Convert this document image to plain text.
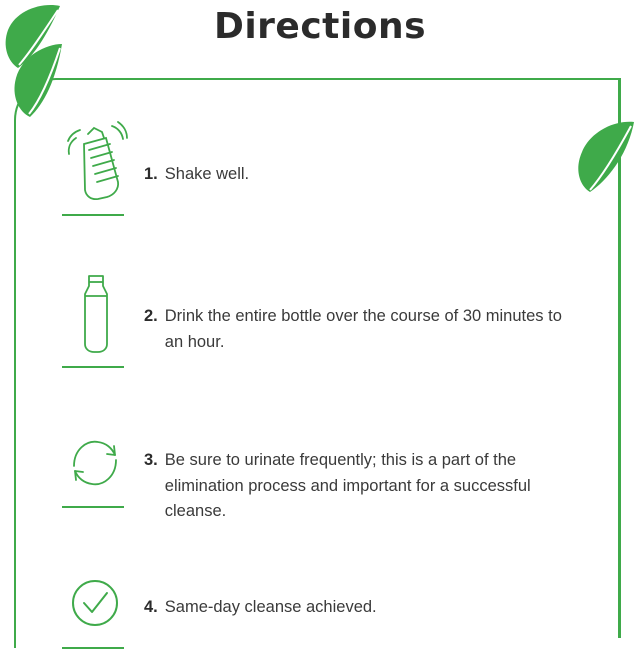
Directions
1. Shake well.
2. Drink the entire bottle over the course of 30 minutes to an hour.
3. Be sure to urinate frequently; this is a part of the elimination process and important for a successful cleanse.
4. Same-day cleanse achieved.
